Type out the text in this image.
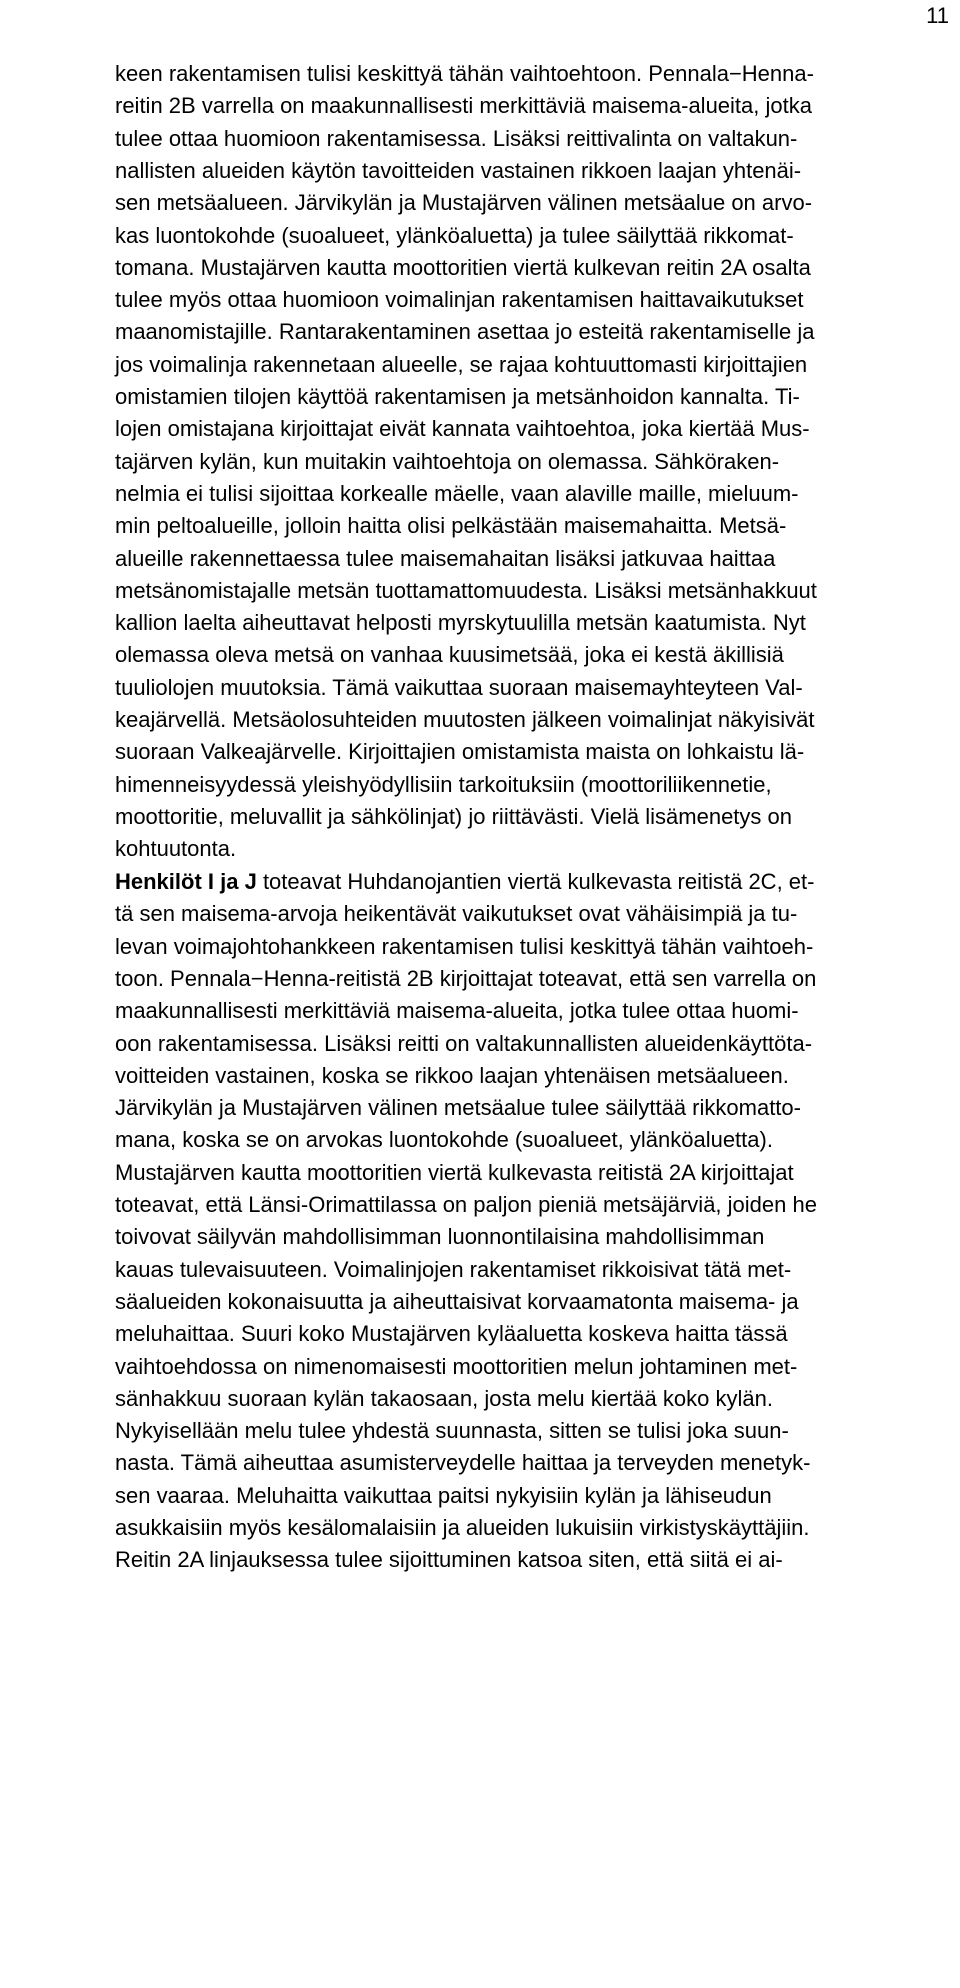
11
keen rakentamisen tulisi keskittyä tähän vaihtoehtoon. Pennala−Henna-
reitin 2B varrella on maakunnallisesti merkittäviä maisema-alueita, jotka
tulee ottaa huomioon rakentamisessa. Lisäksi reittivalinta on valtakun-
nallisten alueiden käytön tavoitteiden vastainen rikkoen laajan yhtenäi-
sen metsäalueen. Järvikylän ja Mustajärven välinen metsäalue on arvo-
kas luontokohde (suoalueet, ylänköaluetta) ja tulee säilyttää rikkomat-
tomana. Mustajärven kautta moottoritien viertä kulkevan reitin 2A osalta
tulee myös ottaa huomioon voimalinjan rakentamisen haittavaikutukset
maanomistajille. Rantarakentaminen asettaa jo esteitä rakentamiselle ja
jos voimalinja rakennetaan alueelle, se rajaa kohtuuttomasti kirjoittajien
omistamien tilojen käyttöä rakentamisen ja metsänhoidon kannalta. Ti-
lojen omistajana kirjoittajat eivät kannata vaihtoehtoa, joka kiertää Mus-
tajärven kylän, kun muitakin vaihtoehtoja on olemassa. Sähköraken-
nelmia ei tulisi sijoittaa korkealle mäelle, vaan alaville maille, mieluum-
min peltoalueille, jolloin haitta olisi pelkästään maisemahaitta. Metsä-
alueille rakennettaessa tulee maisemahaitan lisäksi jatkuvaa haittaa
metsänomistajalle metsän tuottamattomuudesta. Lisäksi metsänhakkuut
kallion laelta aiheuttavat helposti myrskytuulilla metsän kaatumista. Nyt
olemassa oleva metsä on vanhaa kuusimetsää, joka ei kestä äkillisiä
tuuliolojen muutoksia. Tämä vaikuttaa suoraan maisemayhteyteen Val-
keajärvellä. Metsäolosuhteiden muutosten jälkeen voimalinjat näkyisivät
suoraan Valkeajärvelle. Kirjoittajien omistamista maista on lohkaistu lä-
himenneisyydessä yleishyödyllisiin tarkoituksiin (moottoriliikennetie,
moottoritie, meluvallit ja sähkölinjat) jo riittävästi. Vielä lisämenetys on
kohtuutonta.
Henkilöt I ja J toteavat Huhdanojantien viertä kulkevasta reitistä 2C, et-
tä sen maisema-arvoja heikentävät vaikutukset ovat vähäisimpiä ja tu-
levan voimajohtohankkeen rakentamisen tulisi keskittyä tähän vaihtoeh-
toon. Pennala−Henna-reitistä 2B kirjoittajat toteavat, että sen varrella on
maakunnallisesti merkittäviä maisema-alueita, jotka tulee ottaa huomi-
oon rakentamisessa. Lisäksi reitti on valtakunnallisten alueidenkäyttöta-
voitteiden vastainen, koska se rikkoo laajan yhtenäisen metsäalueen.
Järvikylän ja Mustajärven välinen metsäalue tulee säilyttää rikkomatto-
mana, koska se on arvokas luontokohde (suoalueet, ylänköaluetta).
Mustajärven kautta moottoritien viertä kulkevasta reitistä 2A kirjoittajat
toteavat, että Länsi-Orimattilassa on paljon pieniä metsäjärviä, joiden he
toivovat säilyvän mahdollisimman luonnontilaisina mahdollisimman
kauas tulevaisuuteen. Voimalinjojen rakentamiset rikkoisivat tätä met-
säalueiden kokonaisuutta ja aiheuttaisivat korvaamatonta maisema- ja
meluhaittaa. Suuri koko Mustajärven kyläaluetta koskeva haitta tässä
vaihtoehdossa on nimenomaisesti moottoritien melun johtaminen met-
sänhakkuu suoraan kylän takaosaan, josta melu kiertää koko kylän.
Nykyisellään melu tulee yhdestä suunnasta, sitten se tulisi joka suun-
nasta. Tämä aiheuttaa asumisterveydelle haittaa ja terveyden menetyk-
sen vaaraa. Meluhaitta vaikuttaa paitsi nykyisiin kylän ja lähiseudun
asukkaisiin myös kesälomalaisiin ja alueiden lukuisiin virkistyskäyttäjiin.
Reitin 2A linjauksessa tulee sijoittuminen katsoa siten, että siitä ei ai-
